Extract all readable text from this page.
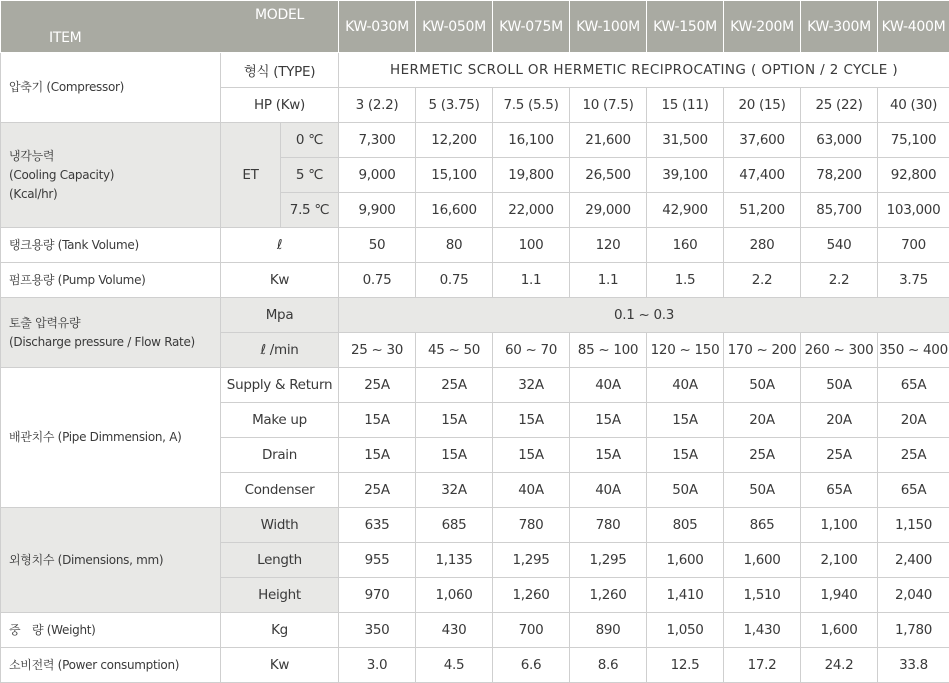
MODEL
ITEM			KW-030M	KW-050M	KW-075M	KW-100M	KW-150M	KW-200M	KW-300M	KW-400M
압축기 (Compressor)	형식 (TYPE)		HERMETIC SCROLL OR HERMETIC RECIPROCATING ( OPTION / 2 CYCLE )							
	HP (Kw)		3 (2.2)	5 (3.75)	7.5 (5.5)	10 (7.5)	15 (11)	20 (15)	25 (22)	40 (30)

냉각능력
(Cooling Capacity)
(Kcal/hr)	ET	0 ℃	7,300	12,200	16,100	21,600	31,500	37,600	63,000	75,100
		5 ℃	9,000	15,100	19,800	26,500	39,100	47,400	78,200	92,800
		7.5 ℃	9,900	16,600	22,000	29,000	42,900	51,200	85,700	103,000
탱크용량 (Tank Volume)	ℓ		50	80	100	120	160	280	540	700
펌프용량 (Pump Volume)	Kw		0.75	0.75	1.1	1.1	1.5	2.2	2.2	3.75

토출 압력유량
(Discharge pressure / Flow Rate)	Mpa		0.1 ~ 0.3							
	ℓ /min		25 ~ 30	45 ~ 50	60 ~ 70	85 ~ 100	120 ~ 150	170 ~ 200	260 ~ 300	350 ~ 400
배관치수 (Pipe Dimmension, A)	Supply & Return		25A	25A	32A	40A	40A	50A	50A	65A
	Make up		15A	15A	15A	15A	15A	20A	20A	20A
	Drain		15A	15A	15A	15A	15A	25A	25A	25A
	Condenser		25A	32A	40A	40A	50A	50A	65A	65A
외형치수 (Dimensions, mm)	Width		635	685	780	780	805	865	1,100	1,150
	Length		955	1,135	1,295	1,295	1,600	1,600	2,100	2,400
	Height		970	1,060	1,260	1,260	1,410	1,510	1,940	2,040
중　량 (Weight)	Kg		350	430	700	890	1,050	1,430	1,600	1,780
소비전력 (Power consumption)	Kw		3.0	4.5	6.6	8.6	12.5	17.2	24.2	33.8
